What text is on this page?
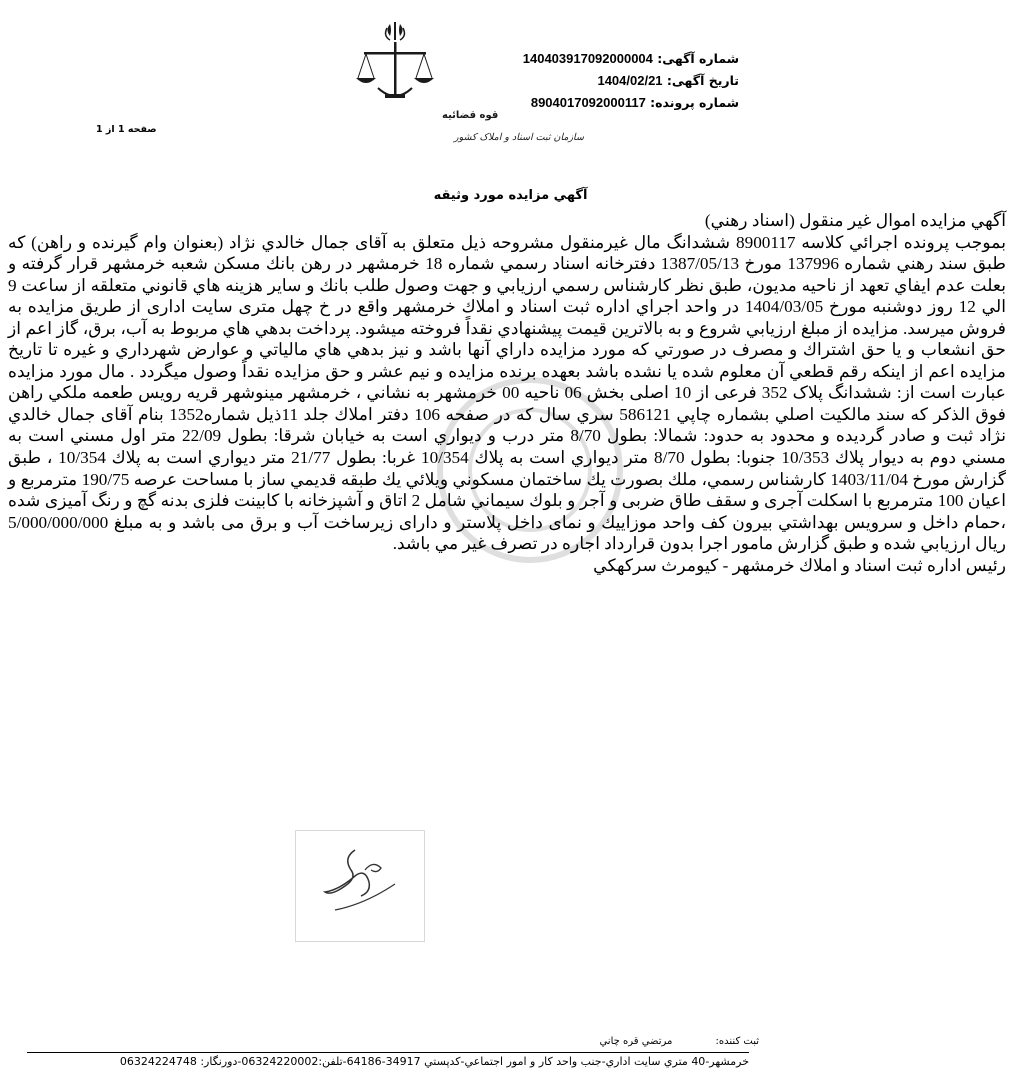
شماره آگهی: 140403917092000004
تاریخ آگهی: 1404/02/21
شماره پرونده: 8904017092000117
قوه قضائیه
سازمان ثبت اسناد و املاک کشور
صفحه 1 از 1
آگهي مزايده مورد وثيقه

آگهي مزايده اموال غير منقول (اسناد رهني)

بموجب پرونده اجرائي كلاسه 8900117 ششدانگ مال غيرمنقول مشروحه ذيل متعلق به آقای جمال خالدي نژاد (بعنوان وام گيرنده و راهن) كه طبق سند رهني شماره 137996 مورخ 1387/05/13 دفترخانه اسناد رسمي شماره 18 خرمشهر در رهن بانك مسكن شعبه خرمشهر قرار گرفته و بعلت عدم ايفاي تعهد از ناحيه مديون، طبق نظر كارشناس رسمي ارزيابي و جهت وصول طلب بانك و ساير هزينه هاي قانوني متعلقه از ساعت 9 الي 12 روز دوشنبه مورخ 1404/03/05 در واحد اجراي اداره ثبت اسناد و املاك خرمشهر واقع در خ چهل متری سايت اداری از طريق مزايده به فروش ميرسد. مزايده از مبلغ ارزيابي شروع و به بالاترين قيمت پيشنهادي نقداً فروخته ميشود. پرداخت بدهي هاي مربوط به آب، برق، گاز اعم از حق انشعاب و يا حق اشتراك و مصرف در صورتي كه مورد مزايده داراي آنها باشد و نيز بدهي هاي مالياتي و عوارض شهرداري و غيره تا تاريخ مزايده اعم از اينكه رقم قطعي آن معلوم شده يا نشده باشد بعهده برنده مزايده و نيم عشر و حق مزايده نقداً وصول ميگردد . مال مورد مزايده عبارت است از: ششدانگ پلاک 352 فرعی از 10 اصلی بخش 06 ناحیه 00 خرمشهر به نشاني ، خرمشهر مينوشهر قريه رويس طعمه ملكي راهن فوق الذكر كه سند مالكيت اصلي بشماره چاپي 586121 سري سال كه در صفحه 106 دفتر املاك جلد 11ذيل شماره1352 بنام آقای جمال خالدي نژاد ثبت و صادر گرديده و محدود به حدود: شمالا: بطول 8/70 متر درب و ديواري است به خيابان شرقا: بطول 22/09 متر اول مسني است به مسني دوم به ديوار پلاك 10/353 جنوبا: بطول 8/70 متر ديواري است به پلاك 10/354 غربا: بطول 21/77 متر ديواري است به پلاك 10/354 ، طبق گزارش مورخ 1403/11/04 كارشناس رسمي، ملك بصورت يك ساختمان مسكوني ويلائي يك طبقه قديمي ساز با مساحت عرصه 190/75 مترمربع و اعيان 100 مترمربع با اسكلت آجری و سقف طاق ضربی و آجر و بلوك سيماني شامل 2 اتاق و آشپزخانه با كابينت فلزی بدنه گچ و رنگ آميزی شده ،حمام داخل و سرويس بهداشتي بيرون كف واحد موزاييك و نمای داخل پلاستر و دارای زيرساخت آب و برق می باشد و به مبلغ 5/000/000/000 ريال ارزيابي شده و طبق گزارش مامور اجرا بدون قرارداد اجاره در تصرف غير مي باشد.

رئيس اداره ثبت اسناد و املاك خرمشهر - كيومرث سركهكي

ثبت كننده: مرتضي قره چاني
خرمشهر-40 متري سايت اداري-جنب واحد كار و امور اجتماعي-كدپستي 34917-64186-تلفن:06324220002-دورنگار: 06324224748
